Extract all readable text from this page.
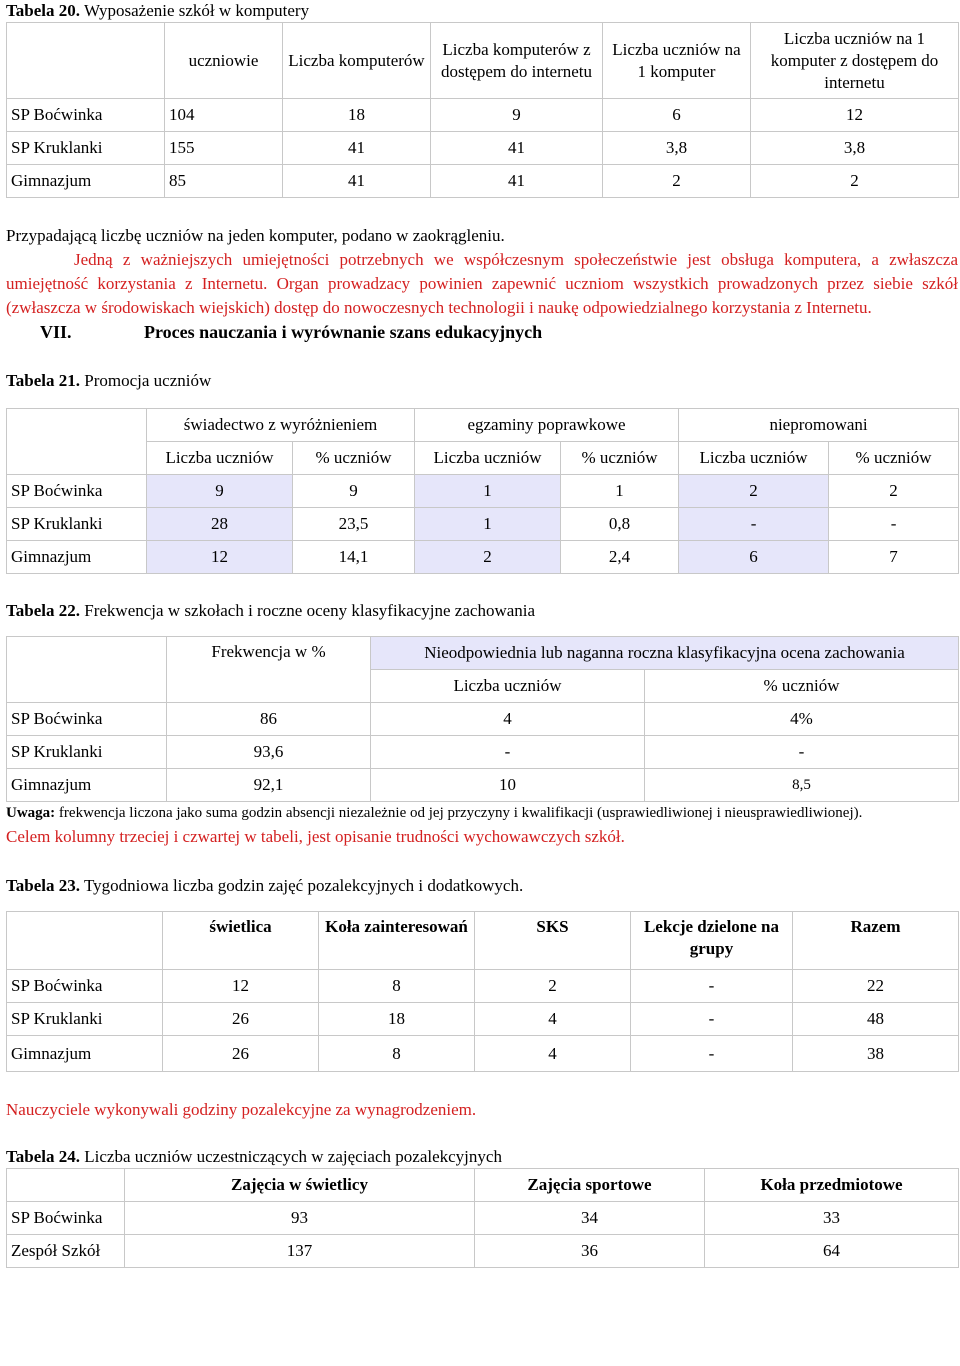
Tabela 20. Wyposażenie szkół w komputery

	uczniowie	Liczba komputerów	Liczba komputerów z dostępem do internetu	Liczba uczniów na 1 komputer	Liczba uczniów na 1 komputer z dostępem do internetu
SP Boćwinka	104	18	9	6	12
SP Kruklanki	155	41	41	3,8	3,8
Gimnazjum	85	41	41	2	2

Przypadającą liczbę uczniów na jeden komputer, podano w zaokrągleniu.

Jedną z ważniejszych umiejętności potrzebnych we współczesnym społeczeństwie jest obsługa komputera, a zwłaszcza umiejętność korzystania z Internetu. Organ prowadzacy powinien zapewnić uczniom wszystkich prowadzonych przez siebie szkół (zwłaszcza w środowiskach wiejskich) dostęp do nowoczesnych technologii i naukę odpowiedzialnego korzystania z Internetu.

VII.	Proces nauczania i wyrównanie szans edukacyjnych

Tabela 21. Promocja uczniów

	świadectwo z wyróżnieniem		egzaminy poprawkowe		niepromowani	
	Liczba uczniów	% uczniów	Liczba uczniów	% uczniów	Liczba uczniów	% uczniów
SP Boćwinka	9	9	1	1	2	2
SP Kruklanki	28	23,5	1	0,8	-	-
Gimnazjum	12	14,1	2	2,4	6	7

Tabela 22. Frekwencja w szkołach i roczne oceny klasyfikacyjne zachowania

	Frekwencja w %	Nieodpowiednia lub naganna roczna klasyfikacyjna ocena zachowania	
		Liczba uczniów	% uczniów
SP Boćwinka	86	4	4%
SP Kruklanki	93,6	-	-
Gimnazjum	92,1	10	8,5

Uwaga: frekwencja liczona jako suma godzin absencji niezależnie od jej przyczyny i kwalifikacji (usprawiedliwionej i nieusprawiedliwionej).

Celem kolumny trzeciej i czwartej w tabeli, jest opisanie trudności wychowawczych szkół.

Tabela 23. Tygodniowa liczba godzin zajęć pozalekcyjnych i dodatkowych.

	świetlica	Koła zainteresowań	SKS	Lekcje dzielone na grupy	Razem
SP Boćwinka	12	8	2	-	22
SP Kruklanki	26	18	4	-	48
Gimnazjum	26	8	4	-	38

Nauczyciele wykonywali godziny pozalekcyjne za wynagrodzeniem.

Tabela 24. Liczba uczniów uczestniczących w zajęciach pozalekcyjnych

	Zajęcia w świetlicy	Zajęcia sportowe	Koła przedmiotowe
SP Boćwinka	93	34	33
Zespół Szkół	137	36	64
